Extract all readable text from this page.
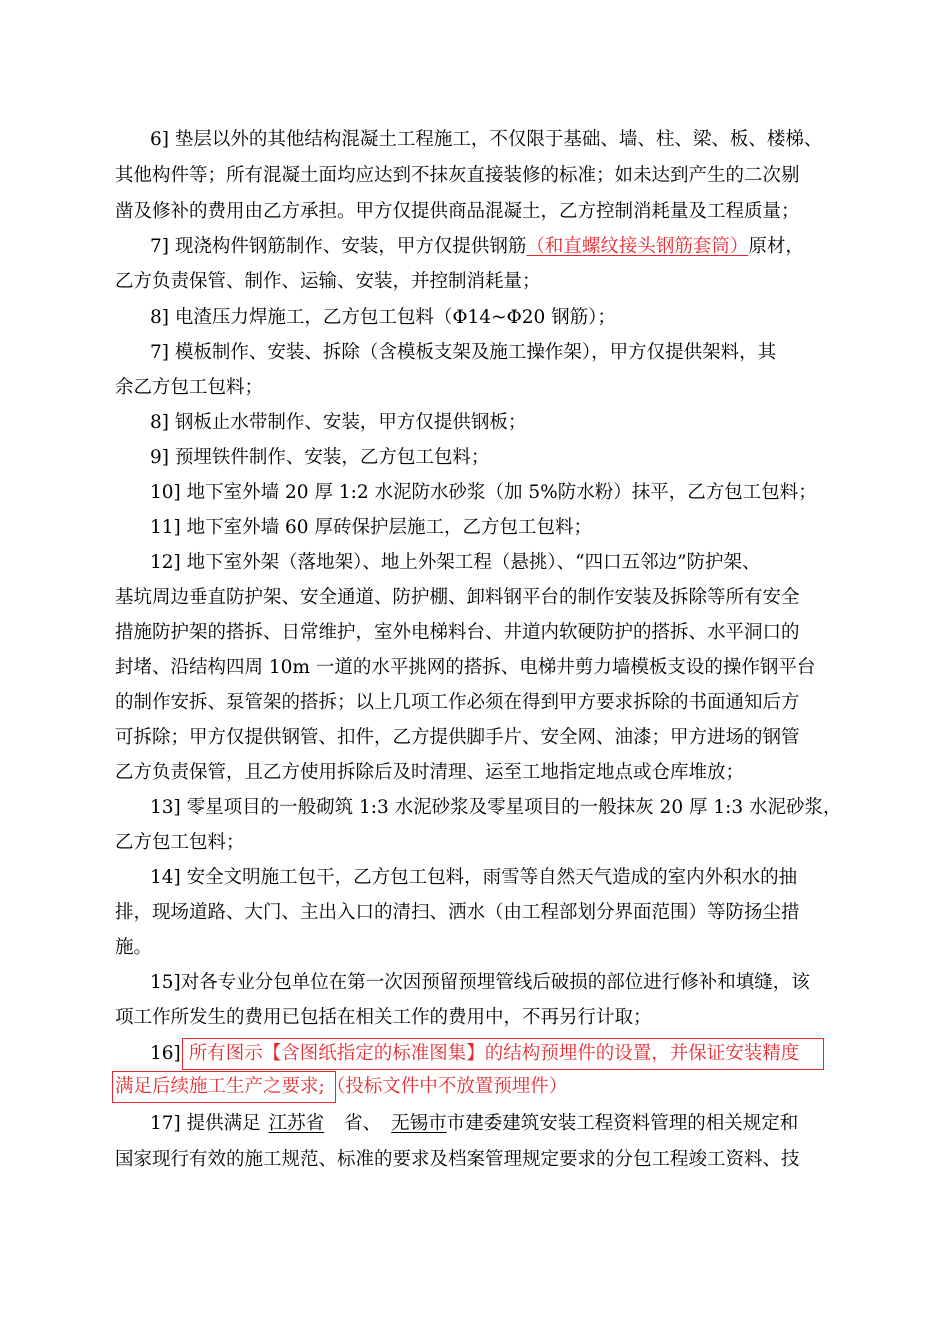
6] 垫层以外的其他结构混凝土工程施工，不仅限于基础、墙、柱、梁、板、楼梯、

其他构件等；所有混凝土面均应达到不抹灰直接装修的标准；如未达到产生的二次剔

凿及修补的费用由乙方承担。甲方仅提供商品混凝土，乙方控制消耗量及工程质量；

7] 现浇构件钢筋制作、安装，甲方仅提供钢筋（和直螺纹接头钢筋套筒）原材，

乙方负责保管、制作、运输、安装，并控制消耗量；

8] 电渣压力焊施工，乙方包工包料（Φ14~Φ20 钢筋）；

7] 模板制作、安装、拆除（含模板支架及施工操作架），甲方仅提供架料，其

余乙方包工包料；

8] 钢板止水带制作、安装，甲方仅提供钢板；

9] 预埋铁件制作、安装，乙方包工包料；

10] 地下室外墙 20 厚 1:2 水泥防水砂浆（加 5%防水粉）抹平，乙方包工包料；

11] 地下室外墙 60 厚砖保护层施工，乙方包工包料；

12] 地下室外架（落地架）、地上外架工程（悬挑）、“四口五邻边”防护架、

基坑周边垂直防护架、安全通道、防护棚、卸料钢平台的制作安装及拆除等所有安全

措施防护架的搭拆、日常维护，室外电梯料台、井道内软硬防护的搭拆、水平洞口的

封堵、沿结构四周 10m 一道的水平挑网的搭拆、电梯井剪力墙模板支设的操作钢平台

的制作安拆、泵管架的搭拆；以上几项工作必须在得到甲方要求拆除的书面通知后方

可拆除；甲方仅提供钢管、扣件，乙方提供脚手片、安全网、油漆；甲方进场的钢管

乙方负责保管，且乙方使用拆除后及时清理、运至工地指定地点或仓库堆放；

13] 零星项目的一般砌筑 1:3 水泥砂浆及零星项目的一般抹灰 20 厚 1:3 水泥砂浆，

乙方包工包料；

14] 安全文明施工包干，乙方包工包料，雨雪等自然天气造成的室内外积水的抽

排，现场道路、大门、主出入口的清扫、洒水（由工程部划分界面范围）等防扬尘措

施。

15]对各专业分包单位在第一次因预留预埋管线后破损的部位进行修补和填缝，该

项工作所发生的费用已包括在相关工作的费用中，不再另行计取；

16] 所有图示【含图纸指定的标准图集】的结构预埋件的设置，并保证安装精度

满足后续施工生产之要求; （投标文件中不放置预埋件）

17] 提供满足 江苏省 省、 无锡市市建委建筑安装工程资料管理的相关规定和

国家现行有效的施工规范、标准的要求及档案管理规定要求的分包工程竣工资料、技
